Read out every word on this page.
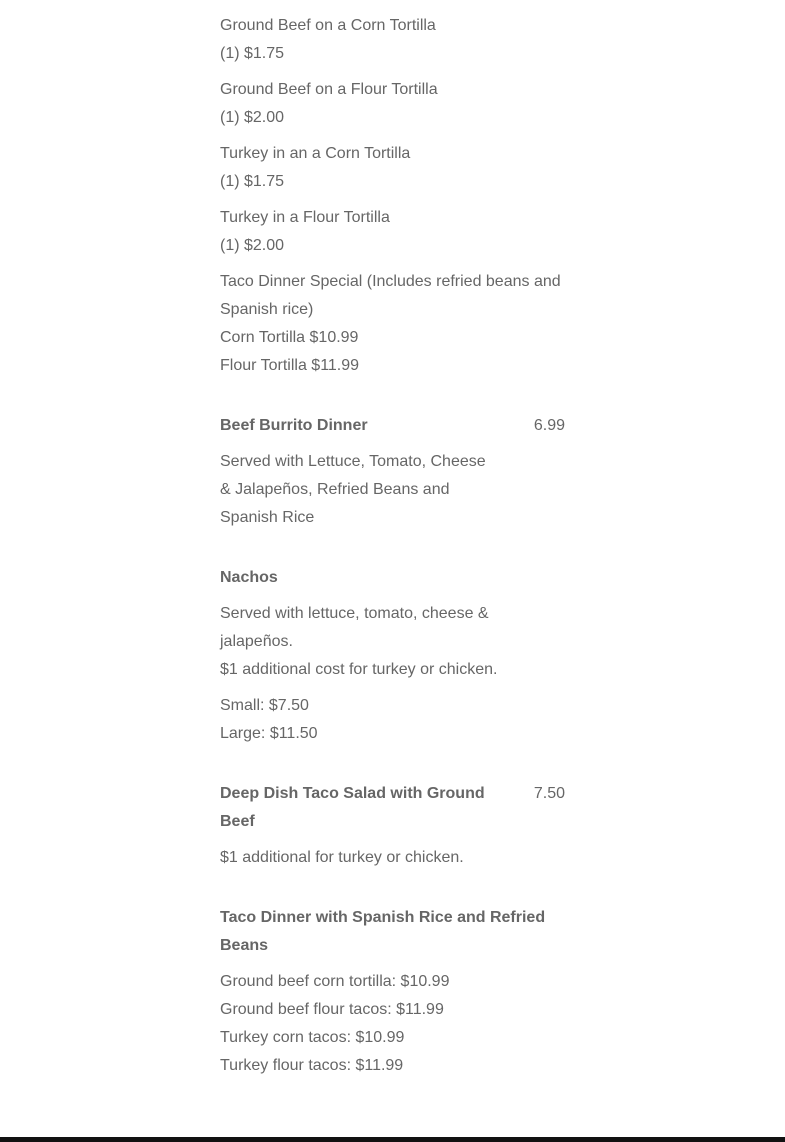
Ground Beef on a Corn Tortilla
(1) $1.75
Ground Beef on a Flour Tortilla
(1) $2.00
Turkey in an a Corn Tortilla
(1) $1.75
Turkey in a Flour Tortilla
(1) $2.00
Taco Dinner Special (Includes refried beans and Spanish rice)
Corn Tortilla $10.99
Flour Tortilla $11.99
Beef Burrito Dinner	6.99
Served with Lettuce, Tomato, Cheese & Jalapeños, Refried Beans and Spanish Rice
Nachos
Served with lettuce, tomato, cheese & jalapeños.
$1 additional cost for turkey or chicken.
Small: $7.50
Large: $11.50
Deep Dish Taco Salad with Ground Beef
7.50
$1 additional for turkey or chicken.
Taco Dinner with Spanish Rice and Refried Beans
Ground beef corn tortilla: $10.99
Ground beef flour tacos: $11.99
Turkey corn tacos: $10.99
Turkey flour tacos: $11.99
